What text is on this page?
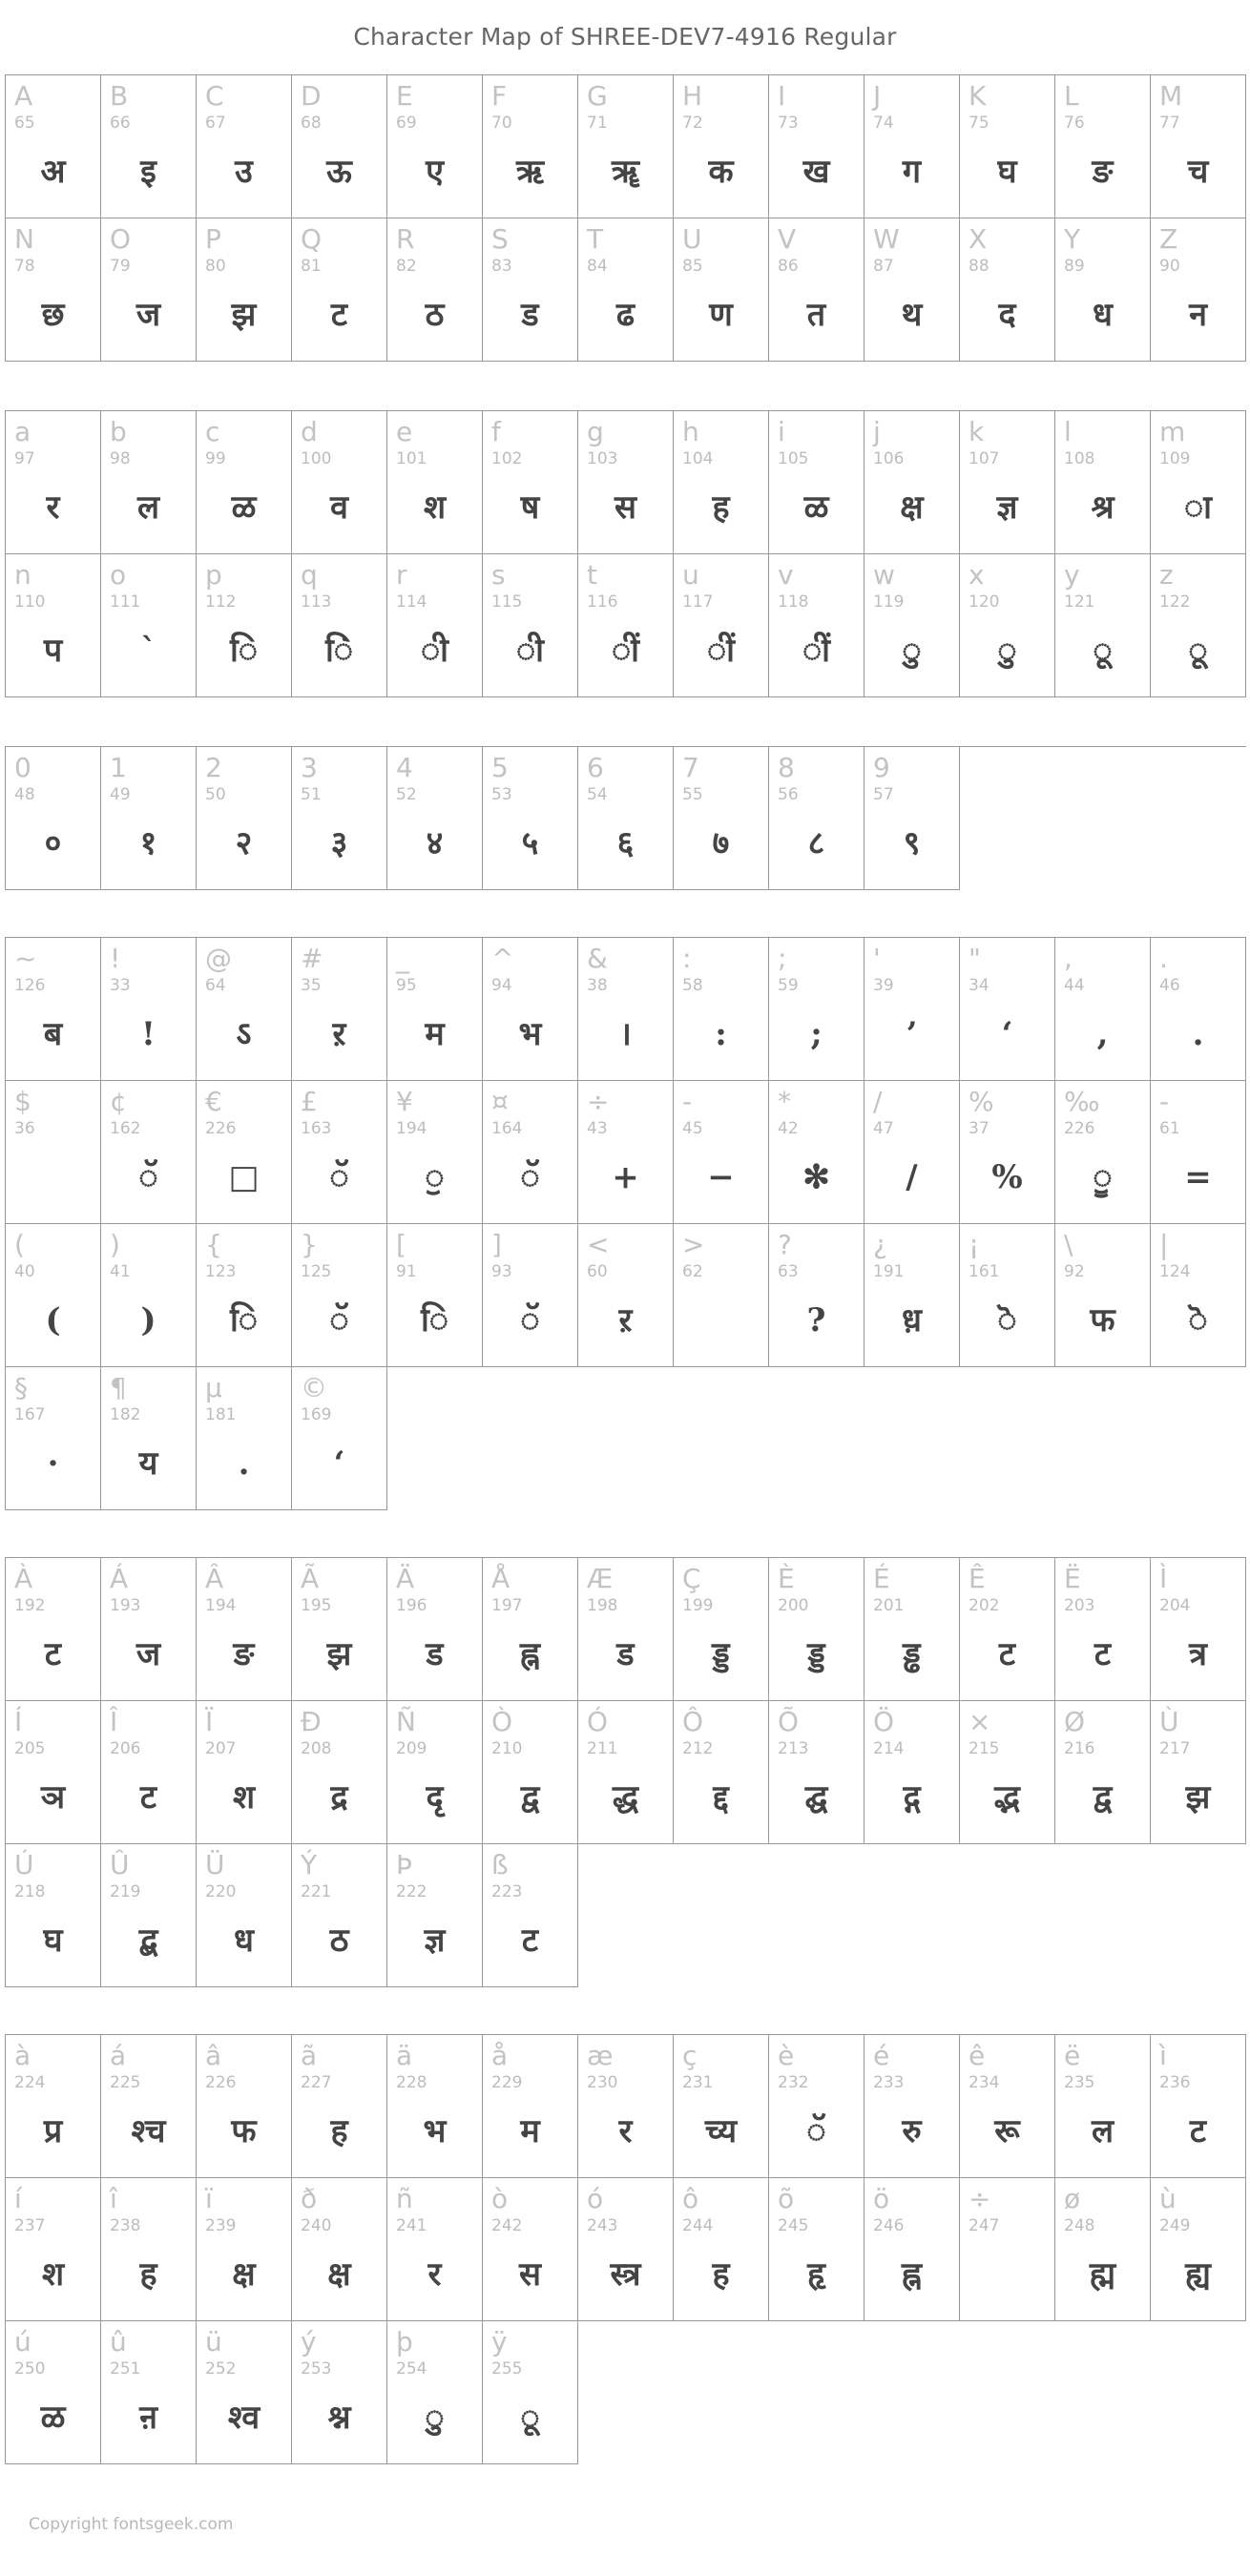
Character Map of SHREE-DEV7-4916 Regular
A
65
अ
B
66
इ
C
67
उ
D
68
ऊ
E
69
ए
F
70
ऋ
G
71
ॠ
H
72
क
I
73
ख
J
74
ग
K
75
घ
L
76
ङ
M
77
च
N
78
छ
O
79
ज
P
80
झ
Q
81
ट
R
82
ठ
S
83
ड
T
84
ढ
U
85
ण
V
86
त
W
87
थ
X
88
द
Y
89
ध
Z
90
न
a
97
र
b
98
ल
c
99
ळ
d
100
व
e
101
श
f
102
ष
g
103
स
h
104
ह
i
105
ळ
j
106
क्ष
k
107
ज्ञ
l
108
श्र
m
109
ा
n
110
प
o
111
`
p
112
ि
q
113
िं
r
114
ी
s
115
ी
t
116
ीं
u
117
ीं
v
118
ीं
w
119
ु
x
120
ु
y
121
ू
z
122
ू
0
48
०
1
49
१
2
50
२
3
51
३
4
52
४
5
53
५
6
54
६
7
55
७
8
56
८
9
57
९
~
126
ब
!
33
!
@
64
ऽ
#
35
ऱ
_
95
म
^
94
भ
&
38
।
:
58
:
;
59
;
'
39
’
"
34
‘
,
44
,
.
46
.
$
36
¢
162
ॅ
€
226
□
£
163
ॅ
¥
194
ॖ
¤
164
ॅ
÷
43
+
-
45
−
*
42
✻
/
47
/
%
37
%
‰
226
ॗ
-
61
=
(
40
(
)
41
)
{
123
ि
}
125
ॅ
[
91
ि
]
93
ॅ
<
60
ऱ
>
62
?
63
?
¿
191
ध़
¡
161
ॆ
\
92
फ
|
124
ॆ
§
167
·
¶
182
य
µ
181
.
©
169
ʻ
À
192
ट
Á
193
ज
Â
194
ङ
Ã
195
झ
Ä
196
ड
Å
197
ह्न
Æ
198
ड
Ç
199
ड्ड
È
200
ड्ड
É
201
ड्ढ
Ê
202
ट
Ë
203
ट
Ì
204
त्र
Í
205
ञ
Î
206
ट
Ï
207
श
Ð
208
द्र
Ñ
209
दृ
Ò
210
द्व
Ó
211
द्ध
Ô
212
द्द
Õ
213
द्घ
Ö
214
द्ग
×
215
द्भ
Ø
216
द्व
Ù
217
झ
Ú
218
घ
Û
219
द्ब
Ü
220
ध
Ý
221
ठ
Þ
222
ज्ञ
ß
223
ट
à
224
प्र
á
225
श्च
â
226
फ
ã
227
ह
ä
228
भ
å
229
म
æ
230
र
ç
231
च्य
è
232
ॅ
é
233
रु
ê
234
रू
ë
235
ल
ì
236
ट
í
237
श
î
238
ह
ï
239
क्ष
ð
240
क्ष
ñ
241
र
ò
242
स
ó
243
स्त्र
ô
244
ह
õ
245
हृ
ö
246
ह्न
÷
247
ø
248
ह्म
ù
249
ह्य
ú
250
ळ
û
251
ऩ
ü
252
श्व
ý
253
श्न
þ
254
ु
ÿ
255
ू
Copyright fontsgeek.com
